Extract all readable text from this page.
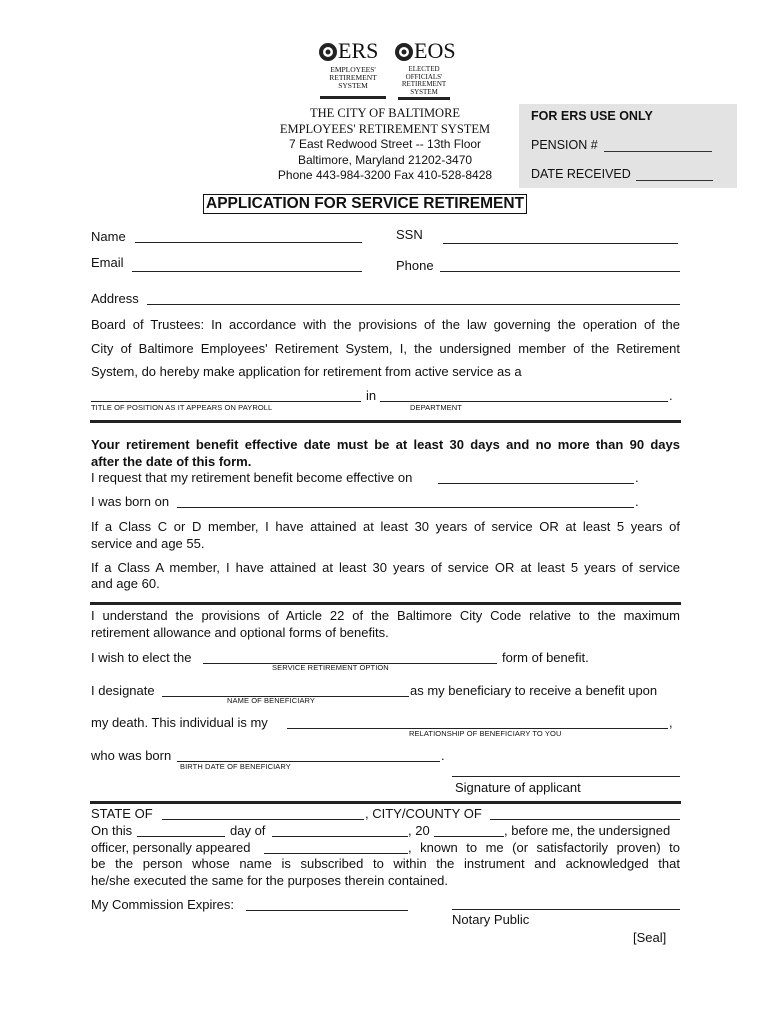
ERS
EMPLOYEES'
RETIREMENT
SYSTEM
EOS
ELECTED
OFFICIALS'
RETIREMENT
SYSTEM
THE CITY OF BALTIMORE
EMPLOYEES' RETIREMENT SYSTEM
7 East Redwood Street -- 13th Floor
Baltimore, Maryland 21202-3470
Phone 443-984-3200 Fax 410-528-8428
FOR ERS USE ONLY
PENSION #
DATE RECEIVED
APPLICATION FOR SERVICE RETIREMENT
Name	SSN
Email	Phone
Address
Board of Trustees: In accordance with the provisions of the law governing the operation of the
City of Baltimore Employees' Retirement System, I, the undersigned member of the Retirement
System, do hereby make application for retirement from active service as a
in	.
TITLE OF POSITION AS IT APPEARS ON PAYROLL	DEPARTMENT
Your retirement benefit effective date must be at least 30 days and no more than 90 days
after the date of this form.
I request that my retirement benefit become effective on	.
I was born on	.
If a Class C or D member, I have attained at least 30 years of service OR at least 5 years of
service and age 55.
If a Class A member, I have attained at least 30 years of service OR at least 5 years of service
and age 60.
I understand the provisions of Article 22 of the Baltimore City Code relative to the maximum
retirement allowance and optional forms of benefits.
I wish to elect the	form of benefit.
SERVICE RETIREMENT OPTION
I designate	as my beneficiary to receive a benefit upon
NAME OF BENEFICIARY
my death. This individual is my	,
RELATIONSHIP OF BENEFICIARY TO YOU
who was born	.
BIRTH DATE OF BENEFICIARY
Signature of applicant
STATE OF	, CITY/COUNTY OF
On this	day of	, 20	, before me, the undersigned
officer, personally appeared	, known to me (or satisfactorily proven) to
be the person whose name is subscribed to within the instrument and acknowledged that
he/she executed the same for the purposes therein contained.
My Commission Expires:
Notary Public
[Seal]
